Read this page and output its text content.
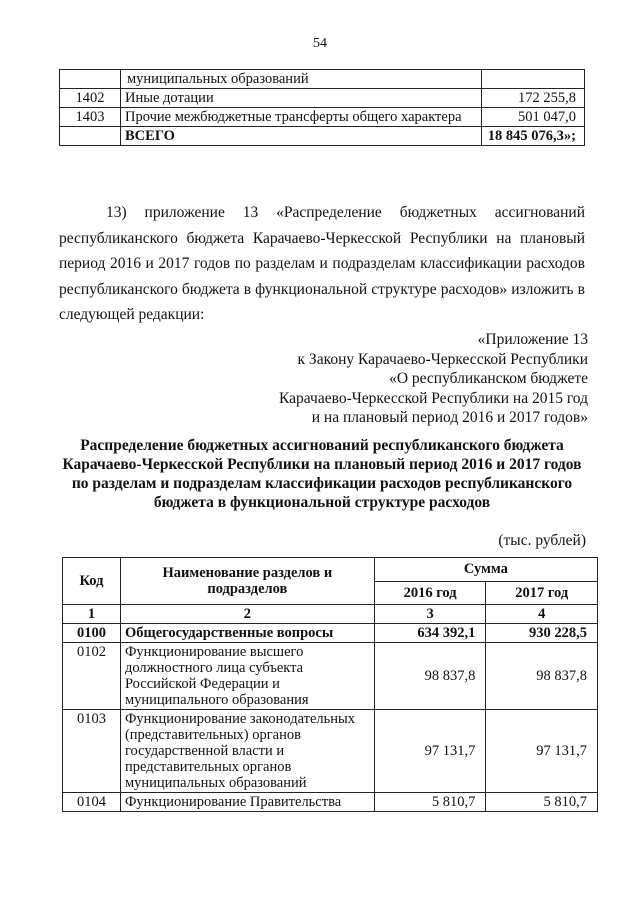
54
	муниципальных образований	
1402	Иные дотации	172 255,8
1403	Прочие межбюджетные трансферты общего характера	501 047,0
	ВСЕГО	18 845 076,3»;

13) приложение 13 «Распределение бюджетных ассигнований республиканского бюджета Карачаево-Черкесской Республики на плановый период 2016 и 2017 годов по разделам и подразделам классификации расходов республиканского бюджета в функциональной структуре расходов» изложить в следующей редакции:

«Приложение 13
к Закону Карачаево-Черкесской Республики
«О республиканском бюджете
Карачаево-Черкесской Республики на 2015 год
и на плановый период 2016 и 2017 годов»
Распределение бюджетных ассигнований республиканского бюджета Карачаево-Черкесской Республики на плановый период 2016 и 2017 годов по разделам и подразделам классификации расходов республиканского бюджета в функциональной структуре расходов
(тыс. рублей)
Код	Наименование разделов и подразделов	Сумма	
		2016 год	2017 год
1	2	3	4
0100	Общегосударственные вопросы	634 392,1	930 228,5
0102	Функционирование высшего должностного лица субъекта Российской Федерации и муниципального образования	98 837,8	98 837,8
0103	Функционирование законодательных (представительных) органов государственной власти и представительных органов муниципальных образований	97 131,7	97 131,7
0104	Функционирование Правительства	5 810,7	5 810,7
